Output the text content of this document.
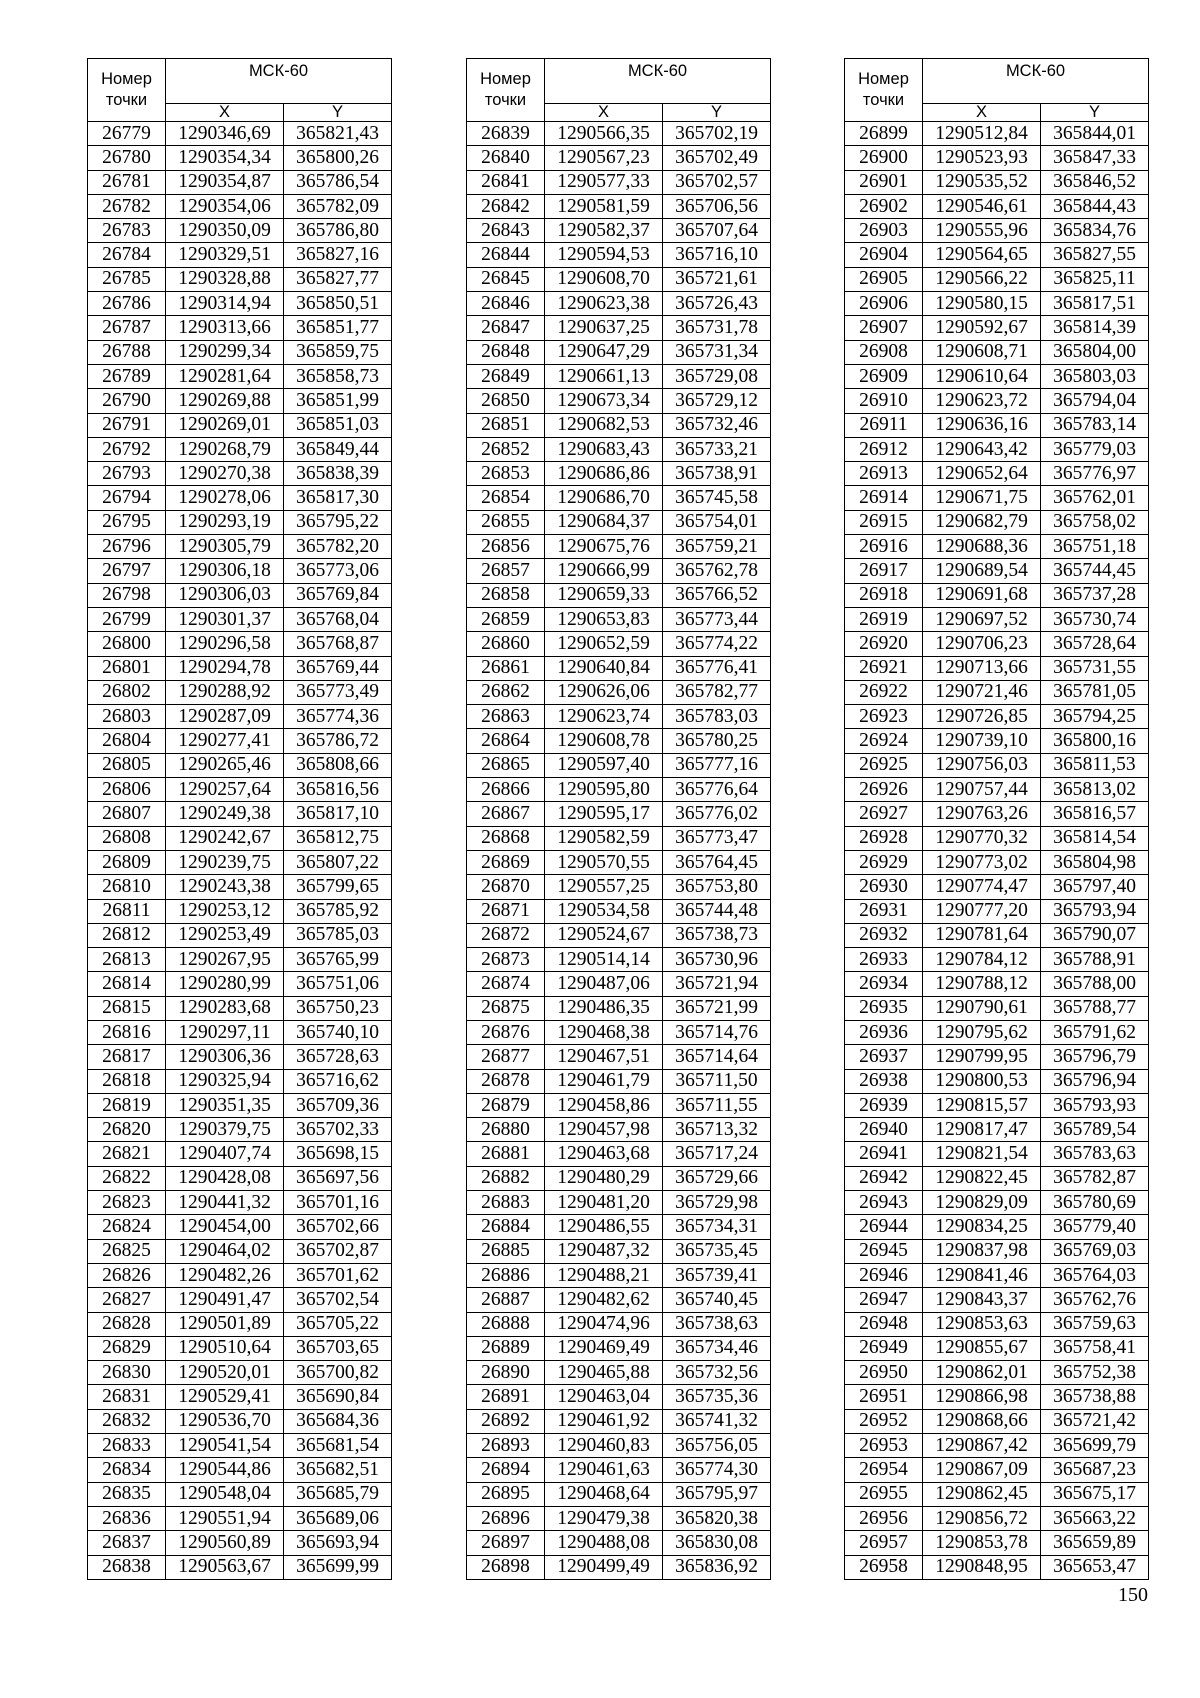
Номер
точки	МСК-60	
	X	Y
26779	1290346,69	365821,43
26780	1290354,34	365800,26
26781	1290354,87	365786,54
26782	1290354,06	365782,09
26783	1290350,09	365786,80
26784	1290329,51	365827,16
26785	1290328,88	365827,77
26786	1290314,94	365850,51
26787	1290313,66	365851,77
26788	1290299,34	365859,75
26789	1290281,64	365858,73
26790	1290269,88	365851,99
26791	1290269,01	365851,03
26792	1290268,79	365849,44
26793	1290270,38	365838,39
26794	1290278,06	365817,30
26795	1290293,19	365795,22
26796	1290305,79	365782,20
26797	1290306,18	365773,06
26798	1290306,03	365769,84
26799	1290301,37	365768,04
26800	1290296,58	365768,87
26801	1290294,78	365769,44
26802	1290288,92	365773,49
26803	1290287,09	365774,36
26804	1290277,41	365786,72
26805	1290265,46	365808,66
26806	1290257,64	365816,56
26807	1290249,38	365817,10
26808	1290242,67	365812,75
26809	1290239,75	365807,22
26810	1290243,38	365799,65
26811	1290253,12	365785,92
26812	1290253,49	365785,03
26813	1290267,95	365765,99
26814	1290280,99	365751,06
26815	1290283,68	365750,23
26816	1290297,11	365740,10
26817	1290306,36	365728,63
26818	1290325,94	365716,62
26819	1290351,35	365709,36
26820	1290379,75	365702,33
26821	1290407,74	365698,15
26822	1290428,08	365697,56
26823	1290441,32	365701,16
26824	1290454,00	365702,66
26825	1290464,02	365702,87
26826	1290482,26	365701,62
26827	1290491,47	365702,54
26828	1290501,89	365705,22
26829	1290510,64	365703,65
26830	1290520,01	365700,82
26831	1290529,41	365690,84
26832	1290536,70	365684,36
26833	1290541,54	365681,54
26834	1290544,86	365682,51
26835	1290548,04	365685,79
26836	1290551,94	365689,06
26837	1290560,89	365693,94
26838	1290563,67	365699,99
Номер
точки	МСК-60	
	X	Y
26839	1290566,35	365702,19
26840	1290567,23	365702,49
26841	1290577,33	365702,57
26842	1290581,59	365706,56
26843	1290582,37	365707,64
26844	1290594,53	365716,10
26845	1290608,70	365721,61
26846	1290623,38	365726,43
26847	1290637,25	365731,78
26848	1290647,29	365731,34
26849	1290661,13	365729,08
26850	1290673,34	365729,12
26851	1290682,53	365732,46
26852	1290683,43	365733,21
26853	1290686,86	365738,91
26854	1290686,70	365745,58
26855	1290684,37	365754,01
26856	1290675,76	365759,21
26857	1290666,99	365762,78
26858	1290659,33	365766,52
26859	1290653,83	365773,44
26860	1290652,59	365774,22
26861	1290640,84	365776,41
26862	1290626,06	365782,77
26863	1290623,74	365783,03
26864	1290608,78	365780,25
26865	1290597,40	365777,16
26866	1290595,80	365776,64
26867	1290595,17	365776,02
26868	1290582,59	365773,47
26869	1290570,55	365764,45
26870	1290557,25	365753,80
26871	1290534,58	365744,48
26872	1290524,67	365738,73
26873	1290514,14	365730,96
26874	1290487,06	365721,94
26875	1290486,35	365721,99
26876	1290468,38	365714,76
26877	1290467,51	365714,64
26878	1290461,79	365711,50
26879	1290458,86	365711,55
26880	1290457,98	365713,32
26881	1290463,68	365717,24
26882	1290480,29	365729,66
26883	1290481,20	365729,98
26884	1290486,55	365734,31
26885	1290487,32	365735,45
26886	1290488,21	365739,41
26887	1290482,62	365740,45
26888	1290474,96	365738,63
26889	1290469,49	365734,46
26890	1290465,88	365732,56
26891	1290463,04	365735,36
26892	1290461,92	365741,32
26893	1290460,83	365756,05
26894	1290461,63	365774,30
26895	1290468,64	365795,97
26896	1290479,38	365820,38
26897	1290488,08	365830,08
26898	1290499,49	365836,92
Номер
точки	МСК-60	
	X	Y
26899	1290512,84	365844,01
26900	1290523,93	365847,33
26901	1290535,52	365846,52
26902	1290546,61	365844,43
26903	1290555,96	365834,76
26904	1290564,65	365827,55
26905	1290566,22	365825,11
26906	1290580,15	365817,51
26907	1290592,67	365814,39
26908	1290608,71	365804,00
26909	1290610,64	365803,03
26910	1290623,72	365794,04
26911	1290636,16	365783,14
26912	1290643,42	365779,03
26913	1290652,64	365776,97
26914	1290671,75	365762,01
26915	1290682,79	365758,02
26916	1290688,36	365751,18
26917	1290689,54	365744,45
26918	1290691,68	365737,28
26919	1290697,52	365730,74
26920	1290706,23	365728,64
26921	1290713,66	365731,55
26922	1290721,46	365781,05
26923	1290726,85	365794,25
26924	1290739,10	365800,16
26925	1290756,03	365811,53
26926	1290757,44	365813,02
26927	1290763,26	365816,57
26928	1290770,32	365814,54
26929	1290773,02	365804,98
26930	1290774,47	365797,40
26931	1290777,20	365793,94
26932	1290781,64	365790,07
26933	1290784,12	365788,91
26934	1290788,12	365788,00
26935	1290790,61	365788,77
26936	1290795,62	365791,62
26937	1290799,95	365796,79
26938	1290800,53	365796,94
26939	1290815,57	365793,93
26940	1290817,47	365789,54
26941	1290821,54	365783,63
26942	1290822,45	365782,87
26943	1290829,09	365780,69
26944	1290834,25	365779,40
26945	1290837,98	365769,03
26946	1290841,46	365764,03
26947	1290843,37	365762,76
26948	1290853,63	365759,63
26949	1290855,67	365758,41
26950	1290862,01	365752,38
26951	1290866,98	365738,88
26952	1290868,66	365721,42
26953	1290867,42	365699,79
26954	1290867,09	365687,23
26955	1290862,45	365675,17
26956	1290856,72	365663,22
26957	1290853,78	365659,89
26958	1290848,95	365653,47
150
